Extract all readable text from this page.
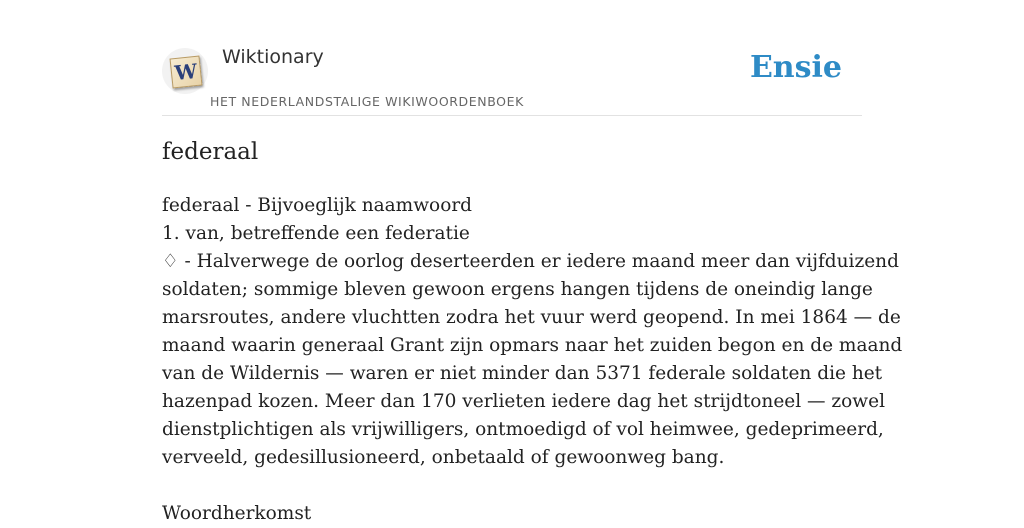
W
Wiktionary
HET NEDERLANDSTALIGE WIKIWOORDENBOEK
Ensie
federaal
federaal - Bijvoeglijk naamwoord
1. van, betreffende een federatie

♢ - Halverwege de oorlog deserteerden er iedere maand meer dan vijfduizend
soldaten; sommige bleven gewoon ergens hangen tijdens de oneindig lange
marsroutes, andere vluchtten zodra het vuur werd geopend. In mei 1864 — de
maand waarin generaal Grant zijn opmars naar het zuiden begon en de maand
van de Wildernis — waren er niet minder dan 5371 federale soldaten die het
hazenpad kozen. Meer dan 170 verlieten iedere dag het strijdtoneel — zowel
dienstplichtigen als vrijwilligers, ontmoedigd of vol heimwee, gedeprimeerd,
verveeld, gedesillusioneerd, onbetaald of gewoonweg bang.

Woordherkomst
